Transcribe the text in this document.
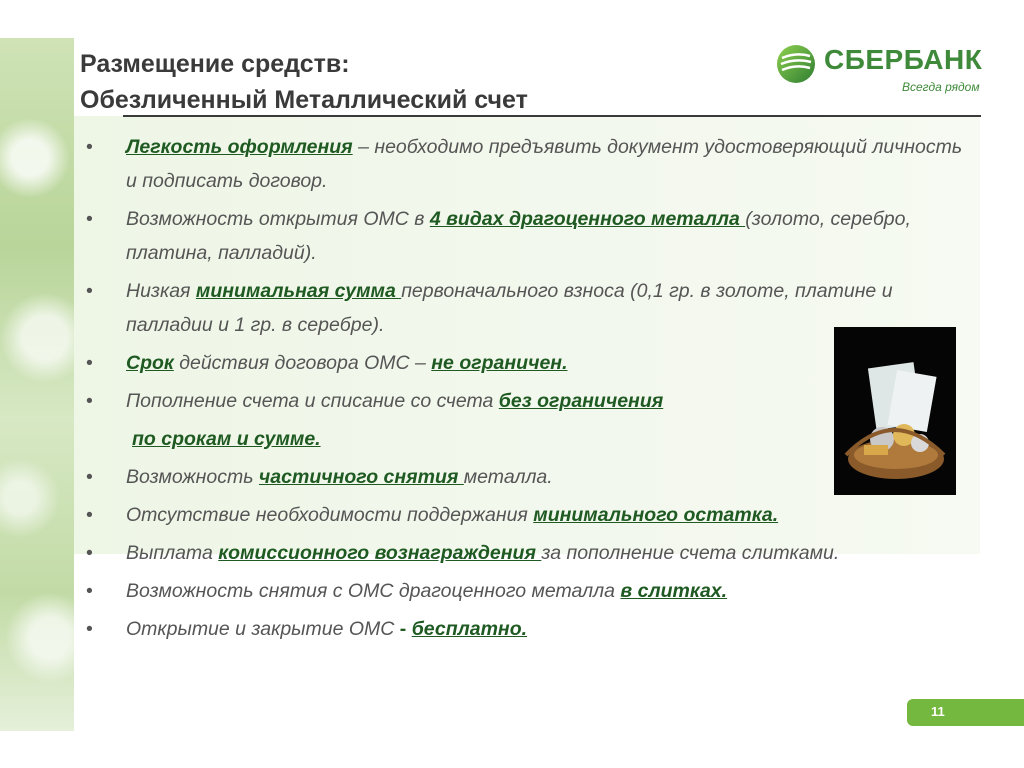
Размещение средств:
Обезличенный Металлический счет
СБЕРБАНК
Всегда рядом
• Легкость оформления – необходимо предъявить документ удостоверяющий личность и подписать договор.
• Возможность открытия ОМС в 4 видах драгоценного металла (золото, серебро, платина, палладий).
• Низкая минимальная сумма первоначального взноса (0,1 гр. в золоте, платине и палладии и 1 гр. в серебре).
• Срок действия договора ОМС – не ограничен.
• Пополнение счета и списание со счета без ограничения
по срокам и сумме.
• Возможность частичного снятия металла.
• Отсутствие необходимости поддержания минимального остатка.
• Выплата комиссионного вознаграждения за пополнение счета слитками.
• Возможность снятия с ОМС драгоценного металла в слитках.
• Открытие и закрытие ОМС - бесплатно.
11
